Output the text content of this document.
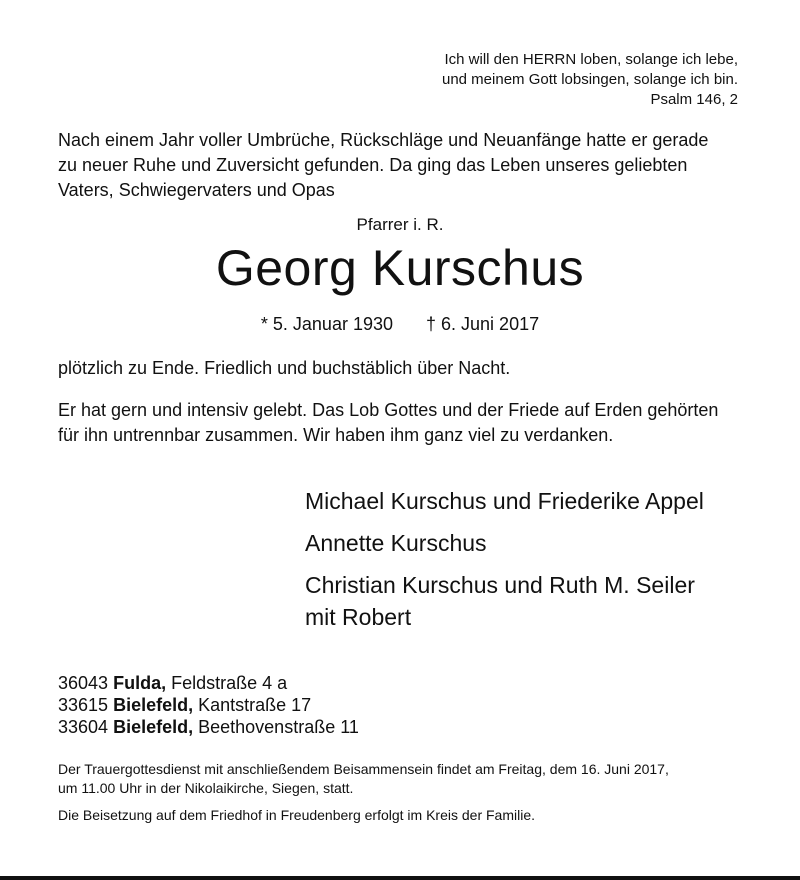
Ich will den HERRN loben, solange ich lebe,
und meinem Gott lobsingen, solange ich bin.
Psalm 146, 2
Nach einem Jahr voller Umbrüche, Rückschläge und Neuanfänge hatte er gerade
zu neuer Ruhe und Zuversicht gefunden. Da ging das Leben unseres geliebten
Vaters, Schwiegervaters und Opas
Pfarrer i. R.
Georg Kurschus
* 5. Januar 1930 † 6. Juni 2017
plötzlich zu Ende. Friedlich und buchstäblich über Nacht.
Er hat gern und intensiv gelebt. Das Lob Gottes und der Friede auf Erden gehörten
für ihn untrennbar zusammen. Wir haben ihm ganz viel zu verdanken.
Michael Kurschus und Friederike Appel
Annette Kurschus
Christian Kurschus und Ruth M. Seiler
mit Robert
36043 Fulda, Feldstraße 4 a
33615 Bielefeld, Kantstraße 17
33604 Bielefeld, Beethovenstraße 11
Der Trauergottesdienst mit anschließendem Beisammensein findet am Freitag, dem 16. Juni 2017,
um 11.00 Uhr in der Nikolaikirche, Siegen, statt.
Die Beisetzung auf dem Friedhof in Freudenberg erfolgt im Kreis der Familie.
